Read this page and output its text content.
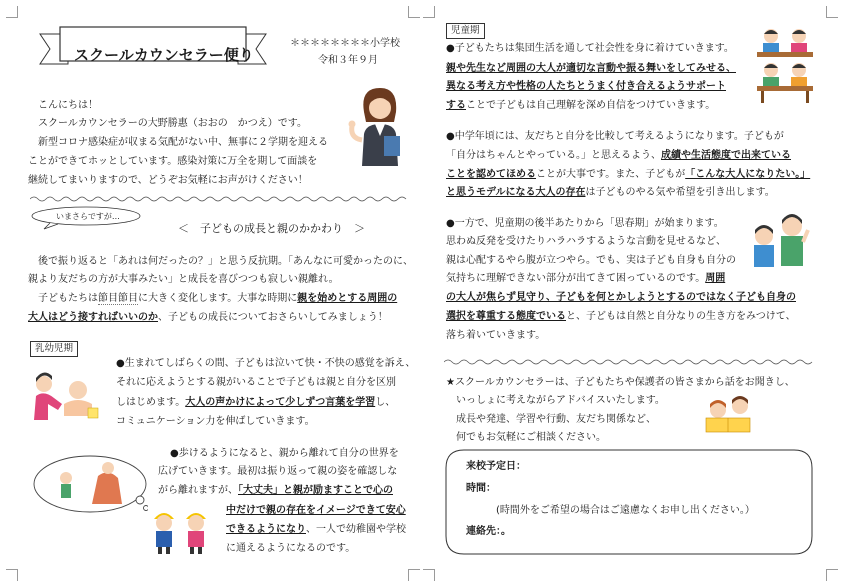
スクールカウンセラー便り
＊＊＊＊＊＊＊＊小学校
令和３年９月
こんにちは！
スクールカウンセラーの大野勝惠（おおの　かつえ）です。
新型コロナ感染症が収まる気配がない中、無事に２学期を迎える
ことができてホッとしています。感染対策に万全を期して面談を
継続してまいりますので、どうぞお気軽にお声がけください！
いまさらですが…
＜　子どもの成長と親のかかわり　＞
後で振り返ると「あれは何だったの？」と思う反抗期。「あんなに可愛かったのに、
親より友だちの方が大事みたい」と成長を喜びつつも寂しい親離れ。
子どもたちは節目節目に大きく変化します。大事な時期に親を始めとする周囲の
大人はどう接すればいいのか、子どもの成長についておさらいしてみましょう！
乳幼児期
●生まれてしばらくの間、子どもは泣いて快・不快の感覚を訴え、
それに応えようとする親がいることで子どもは親と自分を区別
しはじめます。大人の声かけによって少しずつ言葉を学習し、
コミュニケーション力を伸ばしていきます。
●歩けるようになると、親から離れて自分の世界を
広げていきます。最初は振り返って親の姿を確認しな
がら離れますが、「大丈夫」と親が励ますことで心の
中だけで親の存在をイメージできて安心
できるようになり、一人で幼稚園や学校
に通えるようになるのです。
児童期
●子どもたちは集団生活を通して社会性を身に着けていきます。
親や先生など周囲の大人が適切な言動や振る舞いをしてみせる、
異なる考え方や性格の人たちとうまく付き合えるようサポート
することで子どもは自己理解を深め自信をつけていきます。
●中学年頃には、友だちと自分を比較して考えるようになります。子どもが
「自分はちゃんとやっている。」と思えるよう、成績や生活態度で出来ている
ことを認めてほめることが大事です。また、子どもが「こんな大人になりたい。」
と思うモデルになる大人の存在は子どものやる気や希望を引き出します。
●一方で、児童期の後半あたりから「思春期」が始まります。
思わぬ反発を受けたりハラハラするような言動を見せるなど、
親は心配するやら腹が立つやら。でも、実は子ども自身も自分の
気持ちに理解できない部分が出てきて困っているのです。周囲
の大人が焦らず見守り、子どもを何とかしようとするのではなく子ども自身の
選択を尊重する態度でいると、子どもは自然と自分なりの生き方をみつけて、
落ち着いていきます。
★スクールカウンセラーは、子どもたちや保護者の皆さまから話をお聞きし、
いっしょに考えながらアドバイスいたします。
成長や発達、学習や行動、友だち関係など、
何でもお気軽にご相談ください。
来校予定日：
時間：
(時間外をご希望の場合はご遠慮なくお申し出ください。）
連絡先：。
